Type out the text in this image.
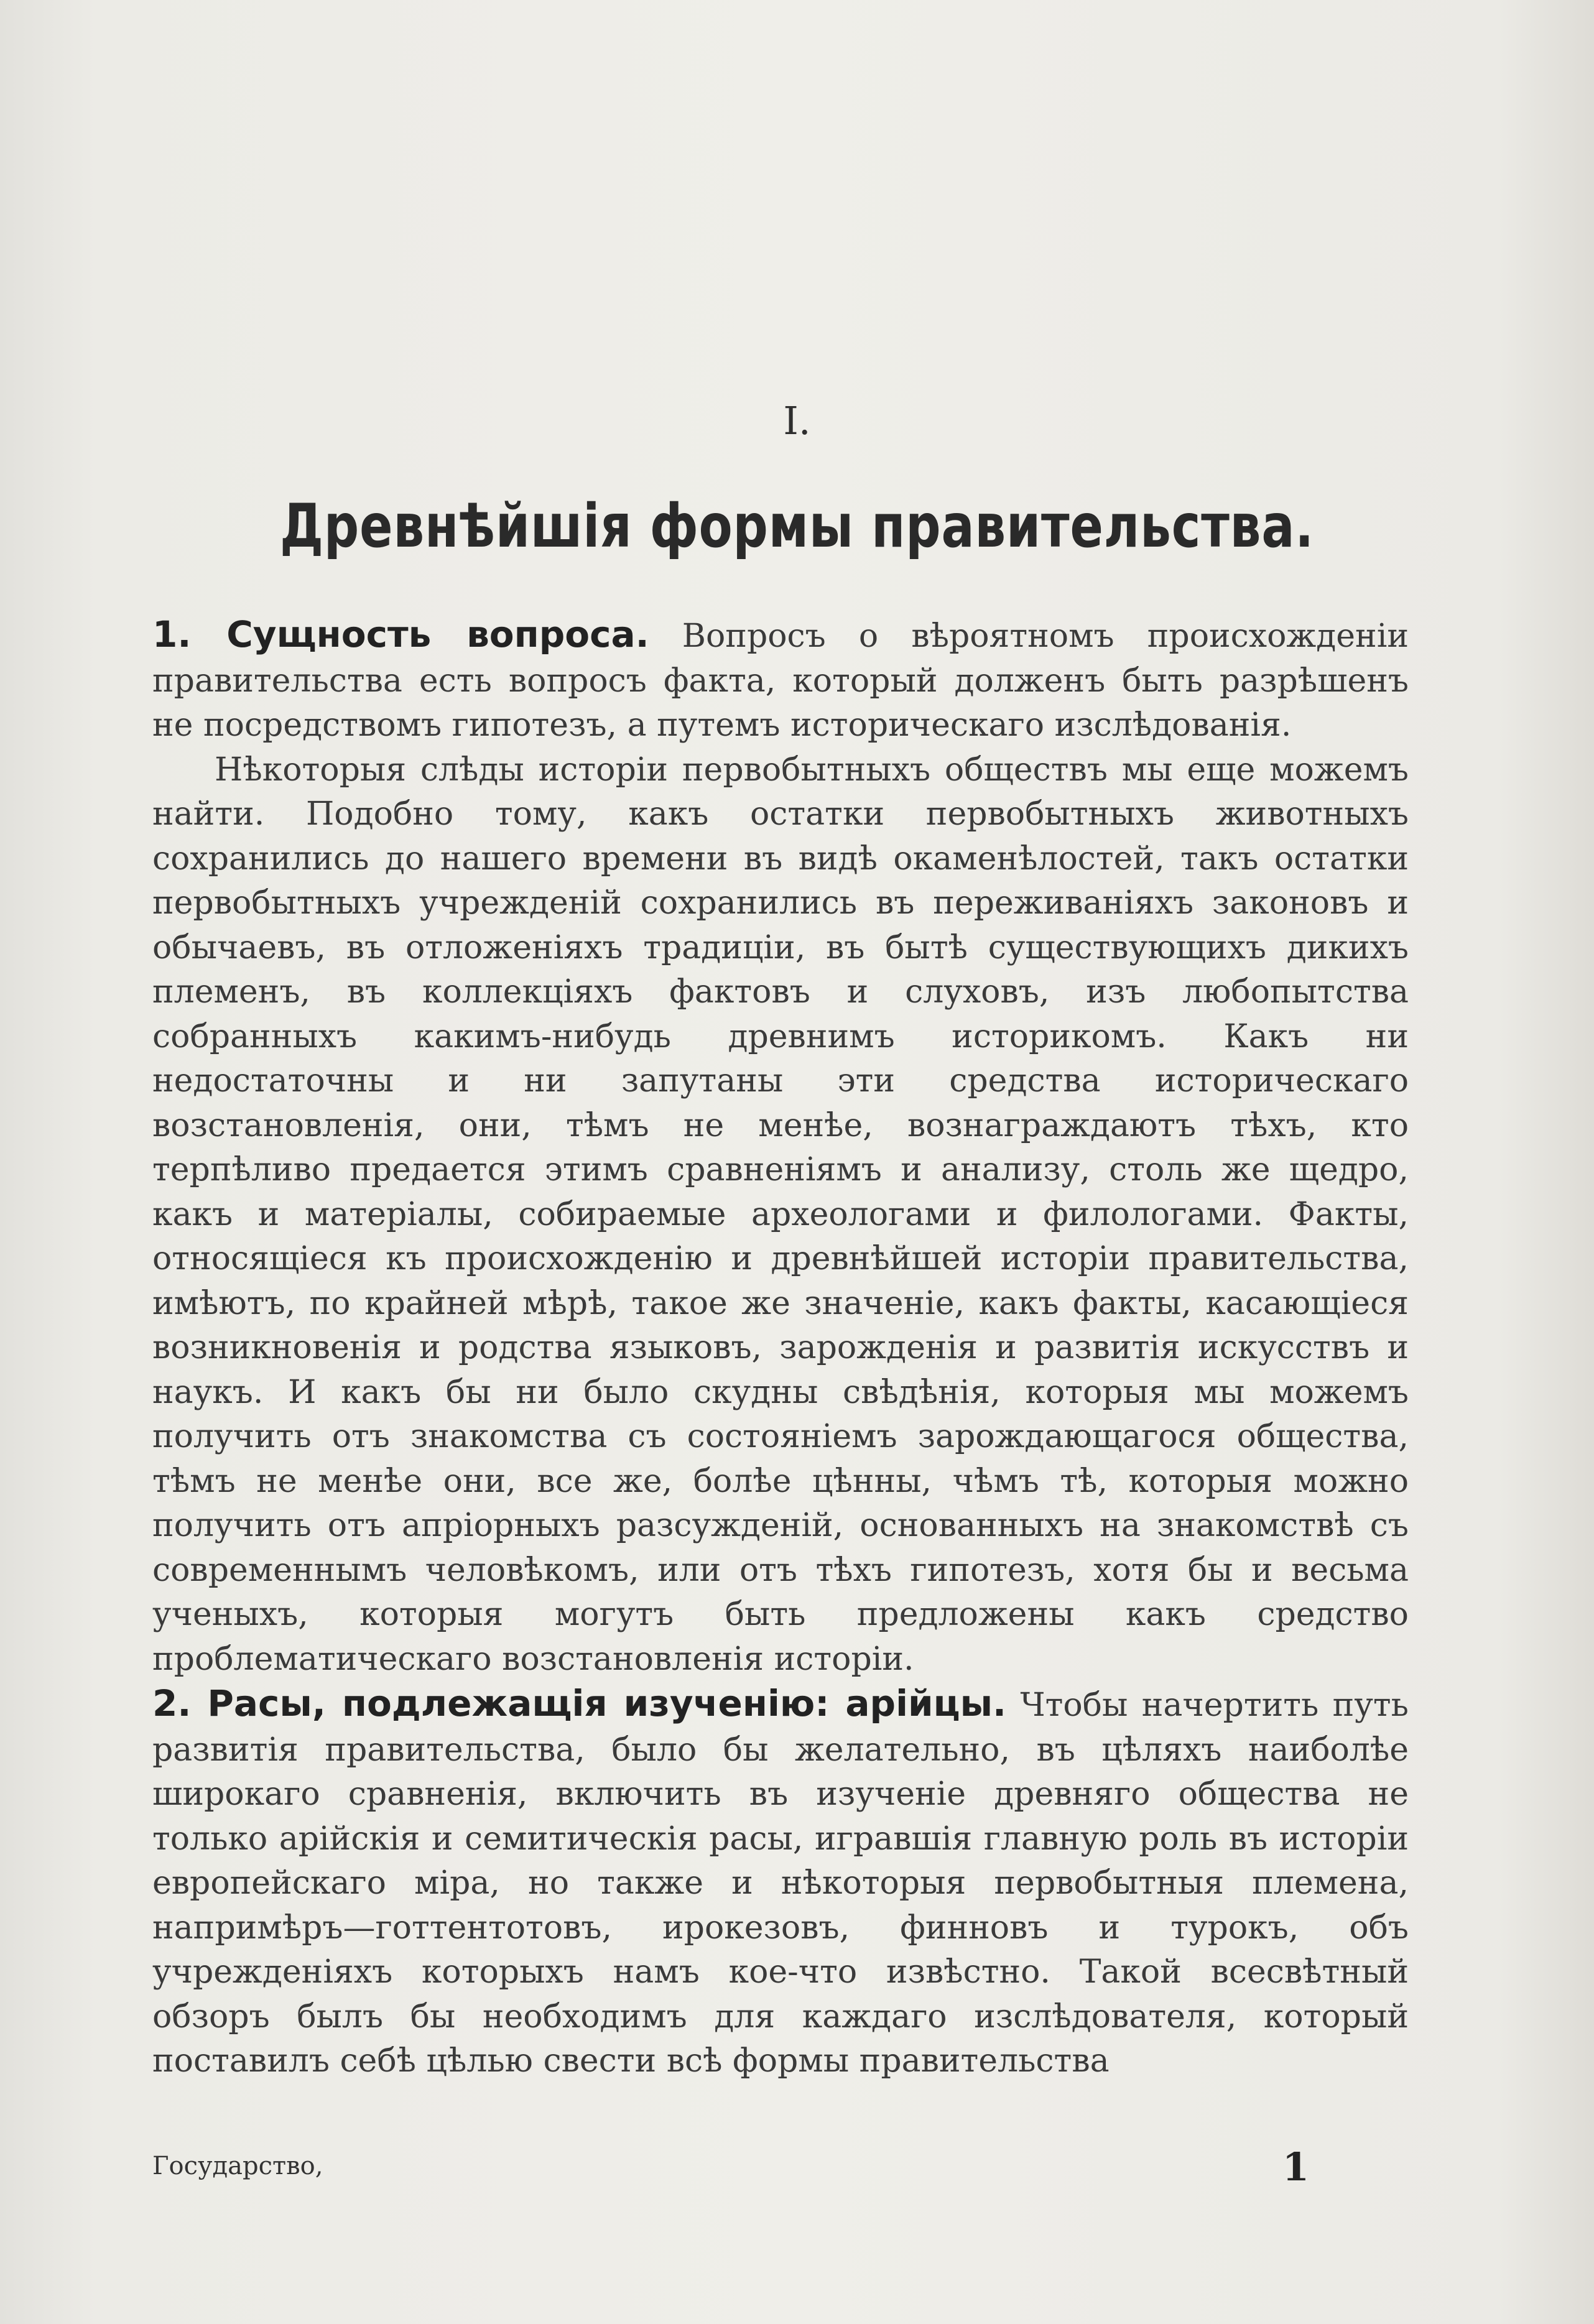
I.
Древнѣйшія формы правительства.

1. Сущность вопроса. Вопросъ о вѣроятномъ происхожденіи правительства есть вопросъ факта, который долженъ быть разрѣшенъ не посредствомъ гипотезъ, а путемъ историческаго изслѣдованія.

Нѣкоторыя слѣды исторіи первобытныхъ обществъ мы еще можемъ найти. Подобно тому, какъ остатки первобытныхъ животныхъ сохранились до нашего времени въ видѣ окаменѣлостей, такъ остатки первобытныхъ учрежденій сохранились въ переживаніяхъ законовъ и обычаевъ, въ отложеніяхъ традиціи, въ бытѣ существующихъ дикихъ племенъ, въ коллекціяхъ фактовъ и слуховъ, изъ любопытства собранныхъ какимъ-нибудь древнимъ историкомъ. Какъ ни недостаточны и ни запутаны эти средства историческаго возстановленія, они, тѣмъ не менѣе, вознаграждаютъ тѣхъ, кто терпѣливо предается этимъ сравненіямъ и анализу, столь же щедро, какъ и матеріалы, собираемые археологами и филологами. Факты, относящіеся къ происхожденію и древнѣйшей исторіи правительства, имѣютъ, по крайней мѣрѣ, такое же значеніе, какъ факты, касающіеся возникновенія и родства языковъ, зарожденія и развитія искусствъ и наукъ. И какъ бы ни было скудны свѣдѣнія, которыя мы можемъ получить отъ знакомства съ состояніемъ зарождающагося общества, тѣмъ не менѣе они, все же, болѣе цѣнны, чѣмъ тѣ, которыя можно получить отъ апріорныхъ разсужденій, основанныхъ на знакомствѣ съ современнымъ человѣкомъ, или отъ тѣхъ гипотезъ, хотя бы и весьма ученыхъ, которыя могутъ быть предложены какъ средство проблематическаго возстановленія исторіи.

2. Расы, подлежащія изученію: арійцы. Чтобы начертить путь развитія правительства, было бы желательно, въ цѣляхъ наиболѣе широкаго сравненія, включить въ изученіе древняго общества не только арійскія и семитическія расы, игравшія главную роль въ исторіи европейскаго міра, но также и нѣкоторыя первобытныя племена, напримѣръ—готтентотовъ, ирокезовъ, финновъ и турокъ, объ учрежденіяхъ которыхъ намъ кое-что извѣстно. Такой всесвѣтный обзоръ былъ бы необходимъ для каждаго изслѣдователя, который поставилъ себѣ цѣлью свести всѣ формы правительства

Государство,	1
